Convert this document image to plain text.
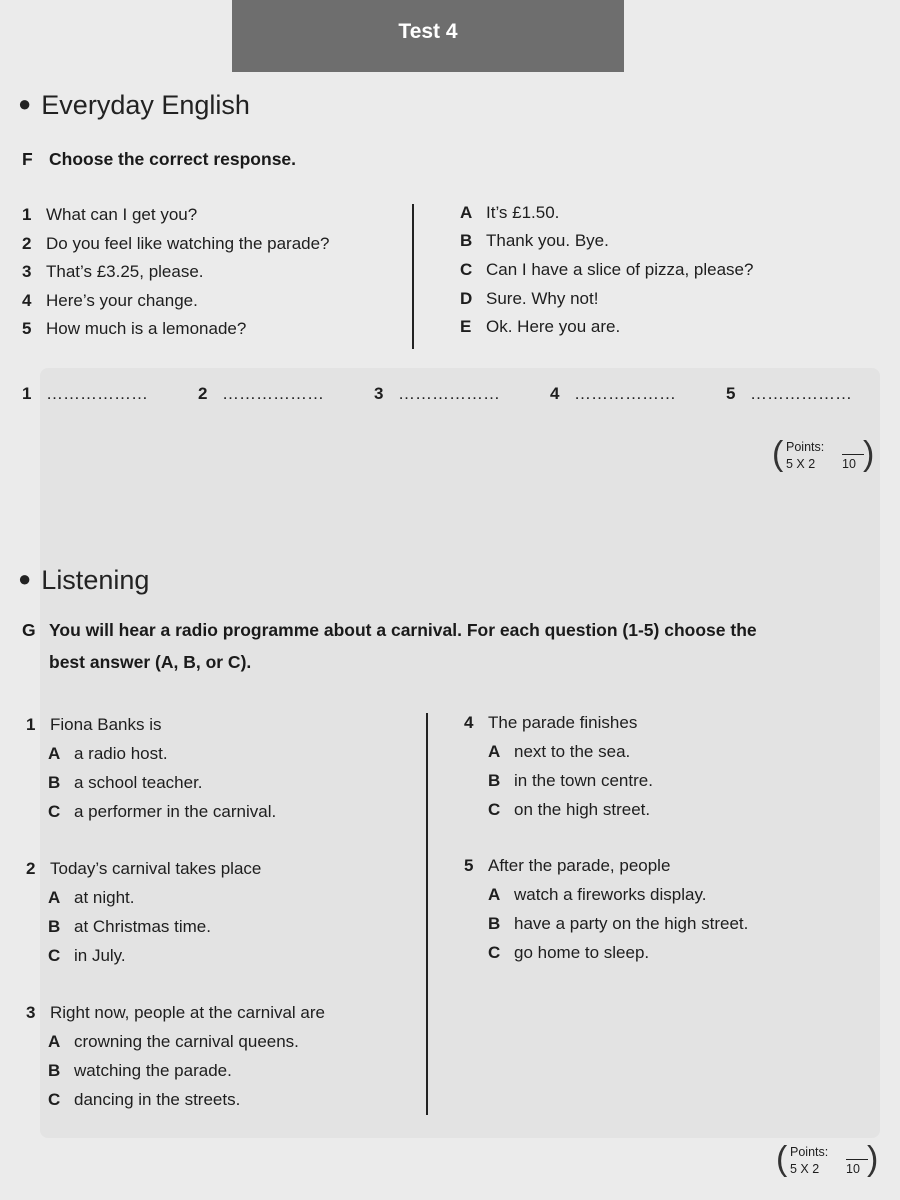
Test 4
● Everyday English
F Choose the correct response.
1 What can I get you?
2 Do you feel like watching the parade?
3 That’s £3.25, please.
4 Here’s your change.
5 How much is a lemonade?
A It’s £1.50.
B Thank you. Bye.
C Can I have a slice of pizza, please?
D Sure. Why not!
E Ok. Here you are.
1 ………………	2 ………………	3 ………………	4 ………………	5 ………………
( Points:
5 X 2 10 )
● Listening
G You will hear a radio programme about a carnival. For each question (1-5) choose the
best answer (A, B, or C).
1 Fiona Banks is
A a radio host.
B a school teacher.
C a performer in the carnival.
2 Today’s carnival takes place
A at night.
B at Christmas time.
C in July.
3 Right now, people at the carnival are
A crowning the carnival queens.
B watching the parade.
C dancing in the streets.
4 The parade finishes
A next to the sea.
B in the town centre.
C on the high street.
5 After the parade, people
A watch a fireworks display.
B have a party on the high street.
C go home to sleep.
( Points:
5 X 2 10 )
